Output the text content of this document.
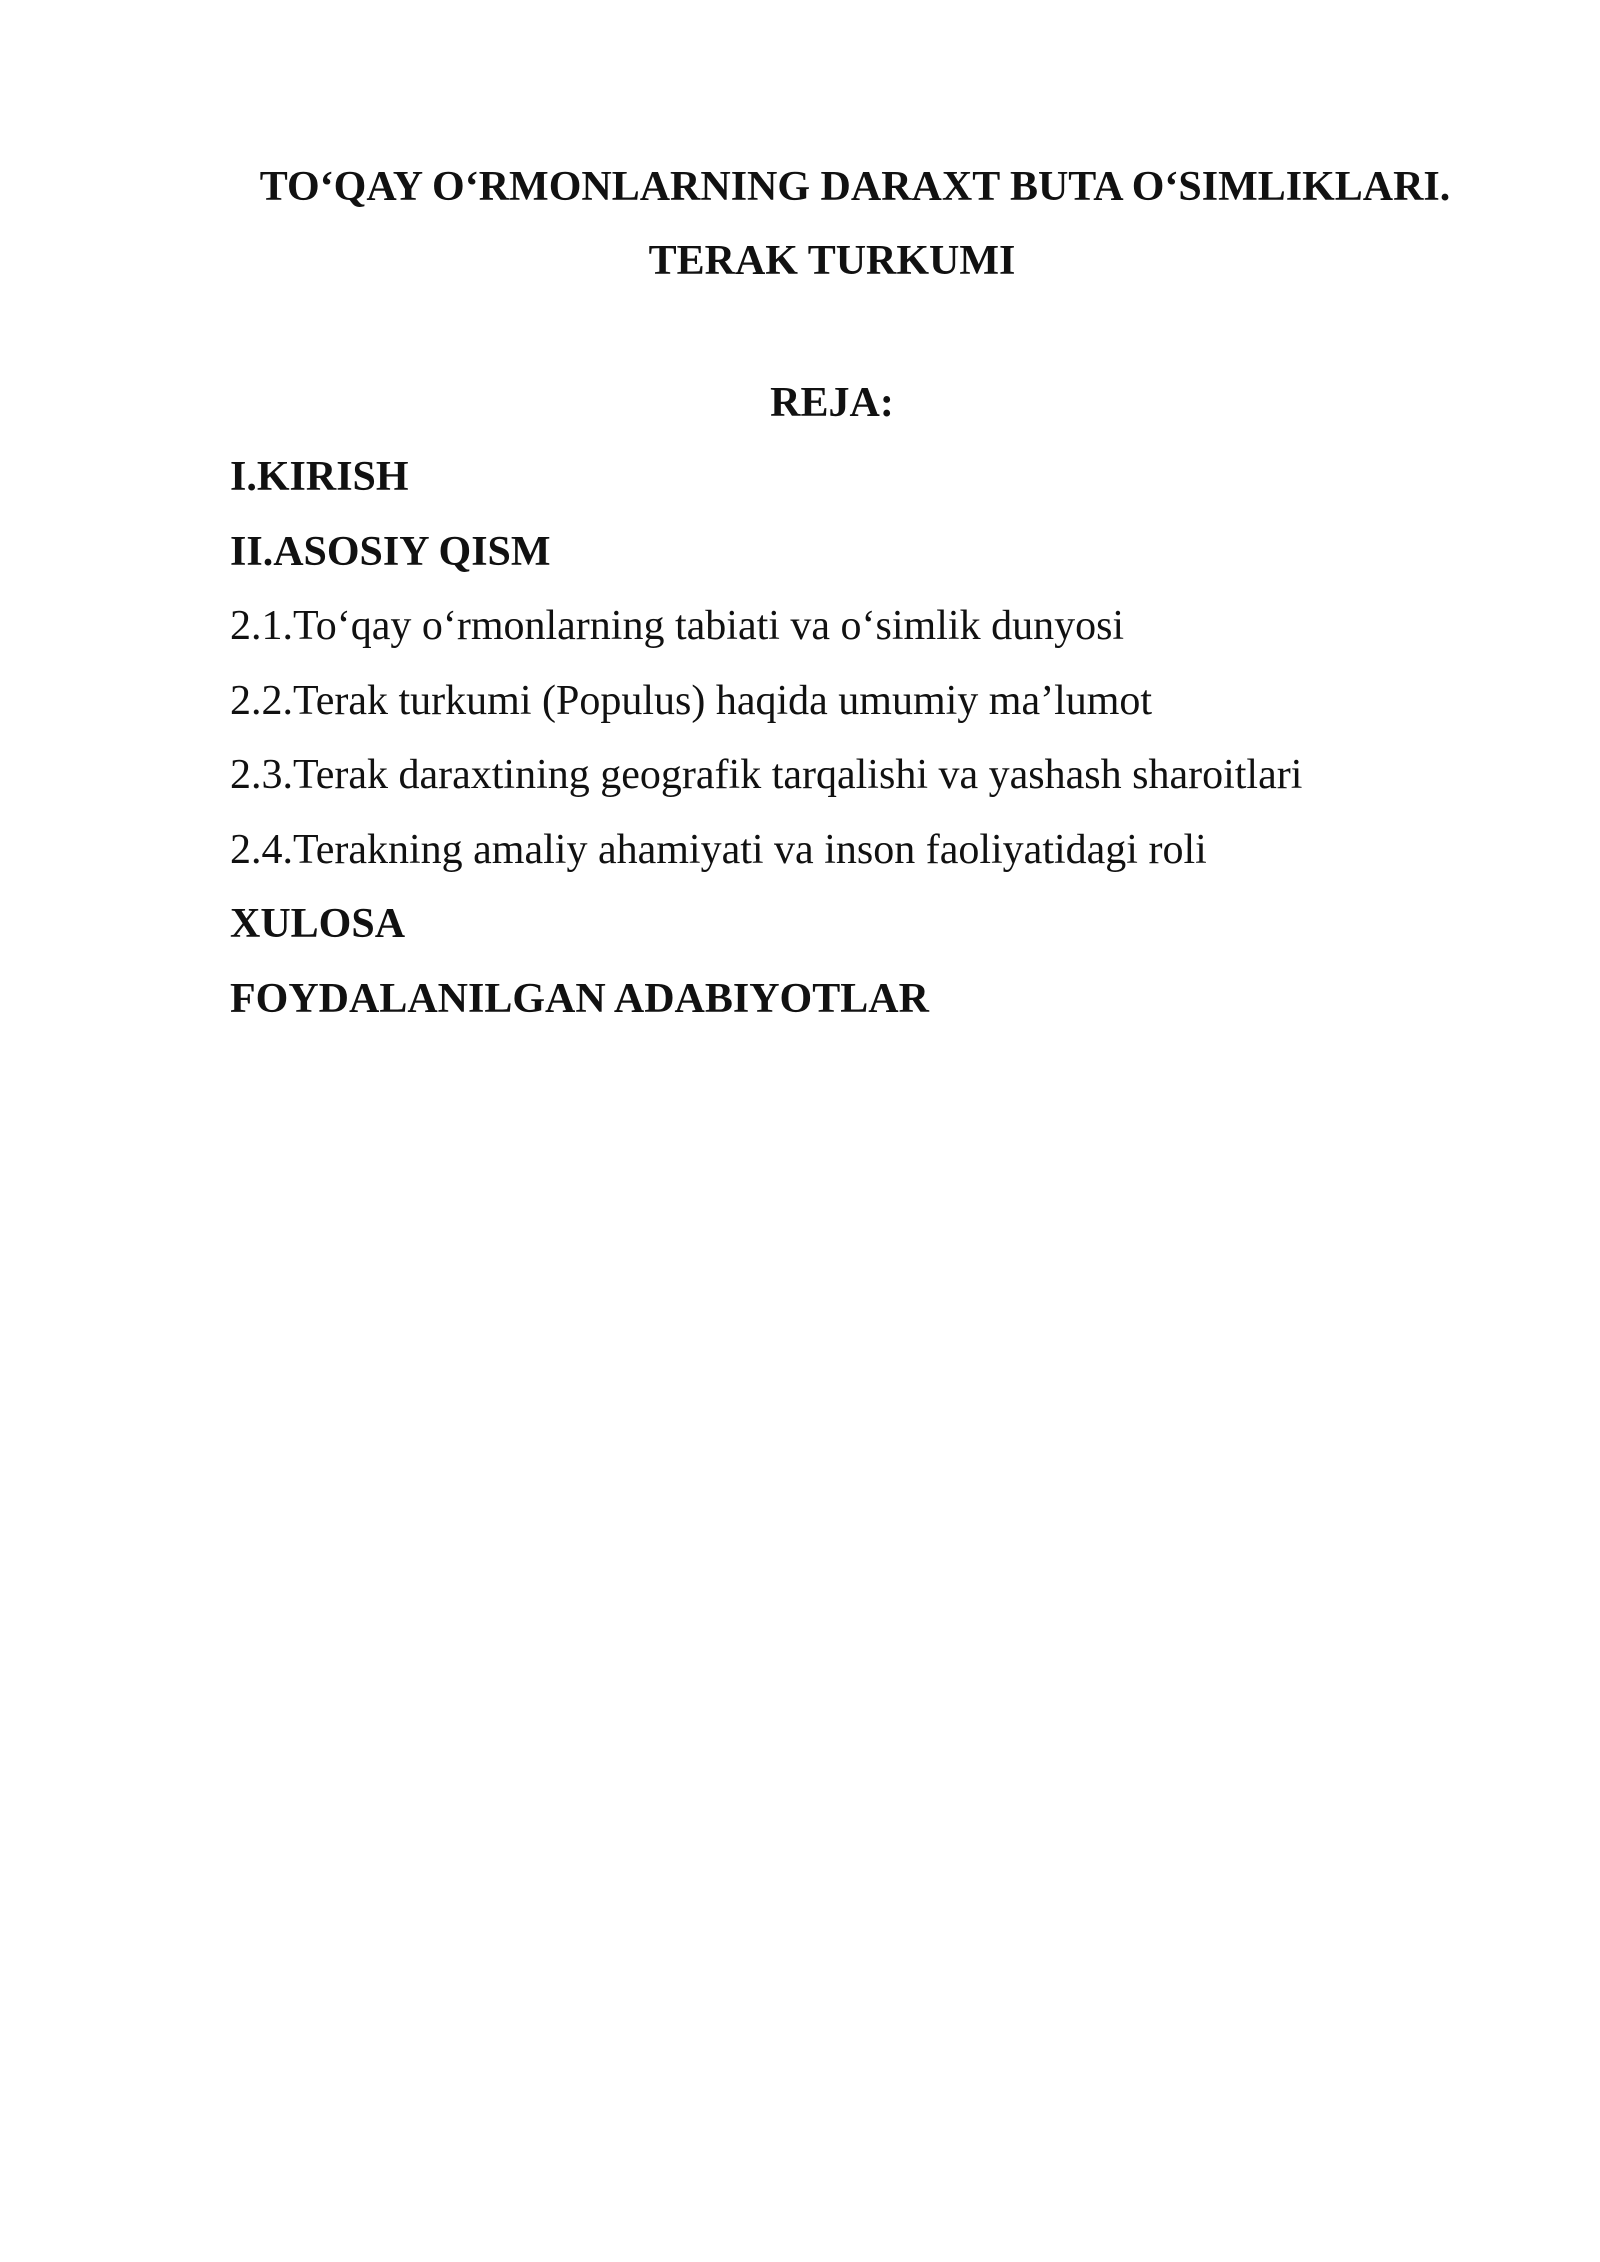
TO‘QAY O‘RMONLARNING DARAXT BUTA O‘SIMLIKLARI.

TERAK TURKUMI

REJA:
I.KIRISH
II.ASOSIY QISM
2.1.To‘qay o‘rmonlarning tabiati va o‘simlik dunyosi
2.2.Terak turkumi (Populus) haqida umumiy ma’lumot
2.3.Terak daraxtining geografik tarqalishi va yashash sharoitlari
2.4.Terakning amaliy ahamiyati va inson faoliyatidagi roli
XULOSA
FOYDALANILGAN ADABIYOTLAR
